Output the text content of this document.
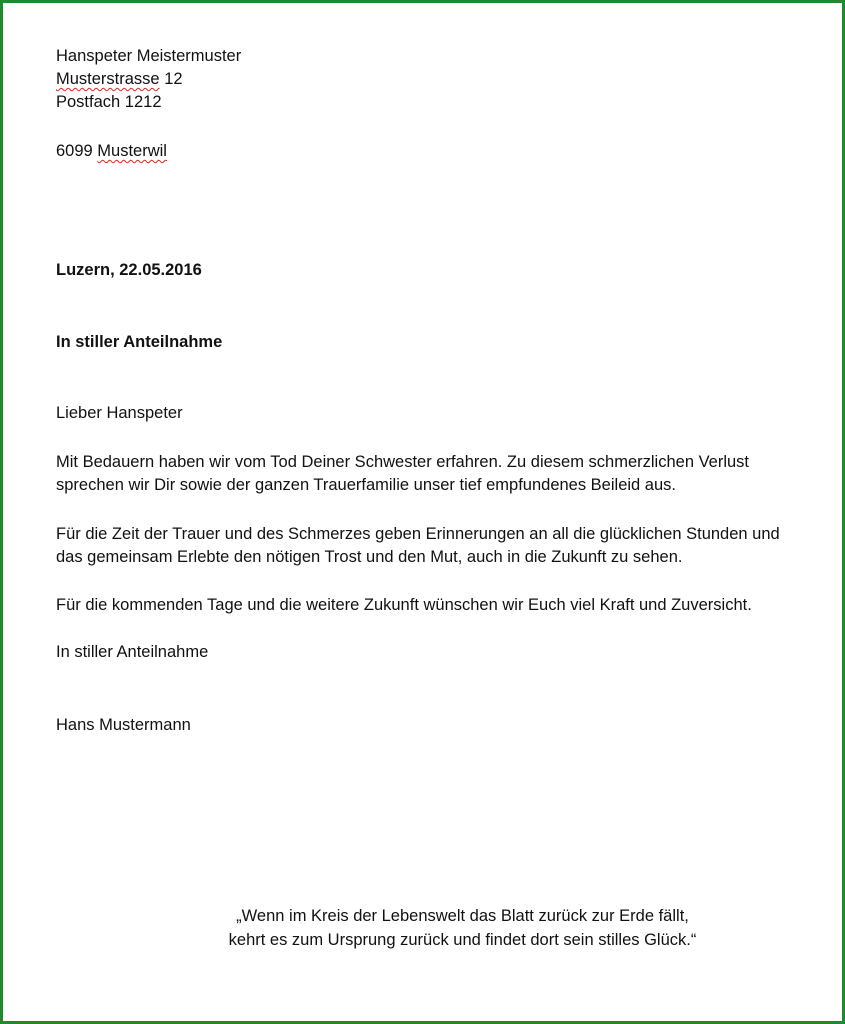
Hanspeter Meistermuster
Musterstrasse 12
Postfach 1212
6099 Musterwil
Luzern, 22.05.2016
In stiller Anteilnahme
Lieber Hanspeter
Mit Bedauern haben wir vom Tod Deiner Schwester erfahren. Zu diesem schmerzlichen Verlust
sprechen wir Dir sowie der ganzen Trauerfamilie unser tief empfundenes Beileid aus.
Für die Zeit der Trauer und des Schmerzes geben Erinnerungen an all die glücklichen Stunden und
das gemeinsam Erlebte den nötigen Trost und den Mut, auch in die Zukunft zu sehen.
Für die kommenden Tage und die weitere Zukunft wünschen wir Euch viel Kraft und Zuversicht.
In stiller Anteilnahme
Hans Mustermann
„Wenn im Kreis der Lebenswelt das Blatt zurück zur Erde fällt,
kehrt es zum Ursprung zurück und findet dort sein stilles Glück.“
